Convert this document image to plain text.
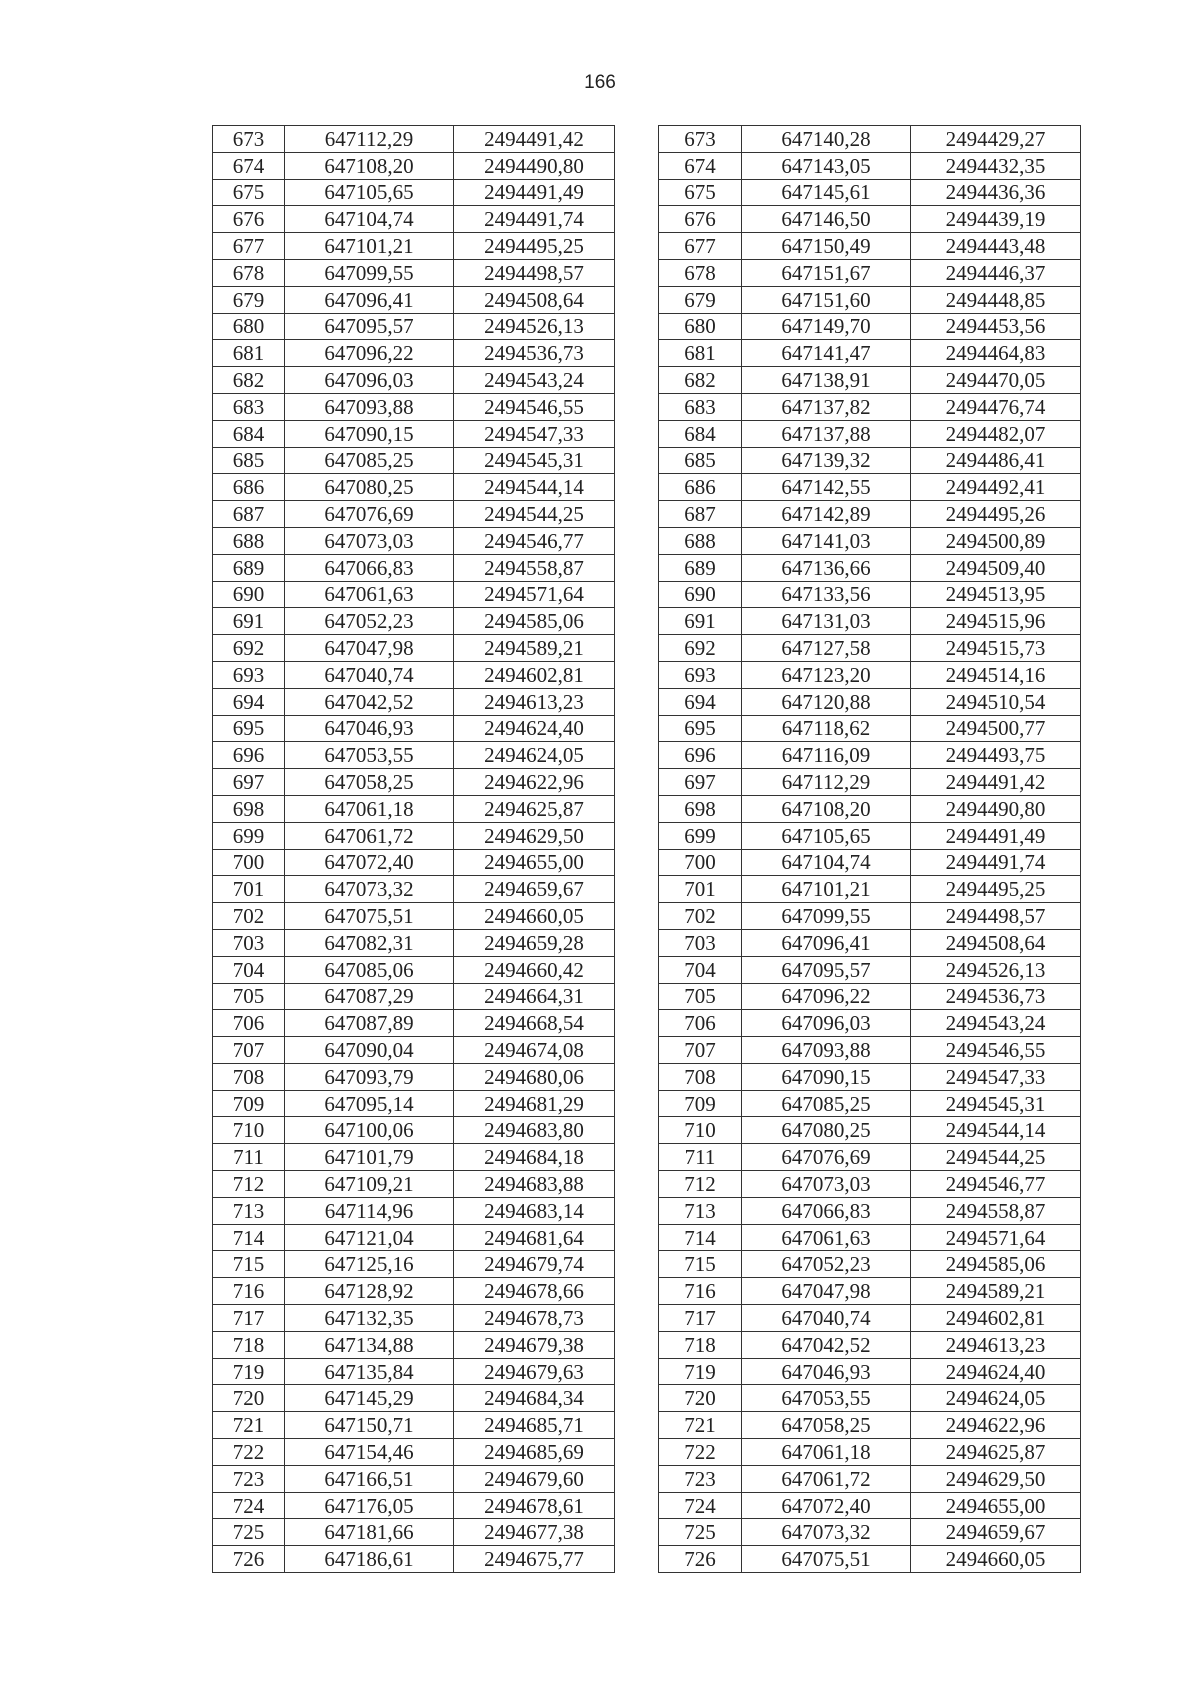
166
673	647112,29	2494491,42		673	647140,28	2494429,27
674	647108,20	2494490,80		674	647143,05	2494432,35
675	647105,65	2494491,49		675	647145,61	2494436,36
676	647104,74	2494491,74		676	647146,50	2494439,19
677	647101,21	2494495,25		677	647150,49	2494443,48
678	647099,55	2494498,57		678	647151,67	2494446,37
679	647096,41	2494508,64		679	647151,60	2494448,85
680	647095,57	2494526,13		680	647149,70	2494453,56
681	647096,22	2494536,73		681	647141,47	2494464,83
682	647096,03	2494543,24		682	647138,91	2494470,05
683	647093,88	2494546,55		683	647137,82	2494476,74
684	647090,15	2494547,33		684	647137,88	2494482,07
685	647085,25	2494545,31		685	647139,32	2494486,41
686	647080,25	2494544,14		686	647142,55	2494492,41
687	647076,69	2494544,25		687	647142,89	2494495,26
688	647073,03	2494546,77		688	647141,03	2494500,89
689	647066,83	2494558,87		689	647136,66	2494509,40
690	647061,63	2494571,64		690	647133,56	2494513,95
691	647052,23	2494585,06		691	647131,03	2494515,96
692	647047,98	2494589,21		692	647127,58	2494515,73
693	647040,74	2494602,81		693	647123,20	2494514,16
694	647042,52	2494613,23		694	647120,88	2494510,54
695	647046,93	2494624,40		695	647118,62	2494500,77
696	647053,55	2494624,05		696	647116,09	2494493,75
697	647058,25	2494622,96		697	647112,29	2494491,42
698	647061,18	2494625,87		698	647108,20	2494490,80
699	647061,72	2494629,50		699	647105,65	2494491,49
700	647072,40	2494655,00		700	647104,74	2494491,74
701	647073,32	2494659,67		701	647101,21	2494495,25
702	647075,51	2494660,05		702	647099,55	2494498,57
703	647082,31	2494659,28		703	647096,41	2494508,64
704	647085,06	2494660,42		704	647095,57	2494526,13
705	647087,29	2494664,31		705	647096,22	2494536,73
706	647087,89	2494668,54		706	647096,03	2494543,24
707	647090,04	2494674,08		707	647093,88	2494546,55
708	647093,79	2494680,06		708	647090,15	2494547,33
709	647095,14	2494681,29		709	647085,25	2494545,31
710	647100,06	2494683,80		710	647080,25	2494544,14
711	647101,79	2494684,18		711	647076,69	2494544,25
712	647109,21	2494683,88		712	647073,03	2494546,77
713	647114,96	2494683,14		713	647066,83	2494558,87
714	647121,04	2494681,64		714	647061,63	2494571,64
715	647125,16	2494679,74		715	647052,23	2494585,06
716	647128,92	2494678,66		716	647047,98	2494589,21
717	647132,35	2494678,73		717	647040,74	2494602,81
718	647134,88	2494679,38		718	647042,52	2494613,23
719	647135,84	2494679,63		719	647046,93	2494624,40
720	647145,29	2494684,34		720	647053,55	2494624,05
721	647150,71	2494685,71		721	647058,25	2494622,96
722	647154,46	2494685,69		722	647061,18	2494625,87
723	647166,51	2494679,60		723	647061,72	2494629,50
724	647176,05	2494678,61		724	647072,40	2494655,00
725	647181,66	2494677,38		725	647073,32	2494659,67
726	647186,61	2494675,77		726	647075,51	2494660,05
